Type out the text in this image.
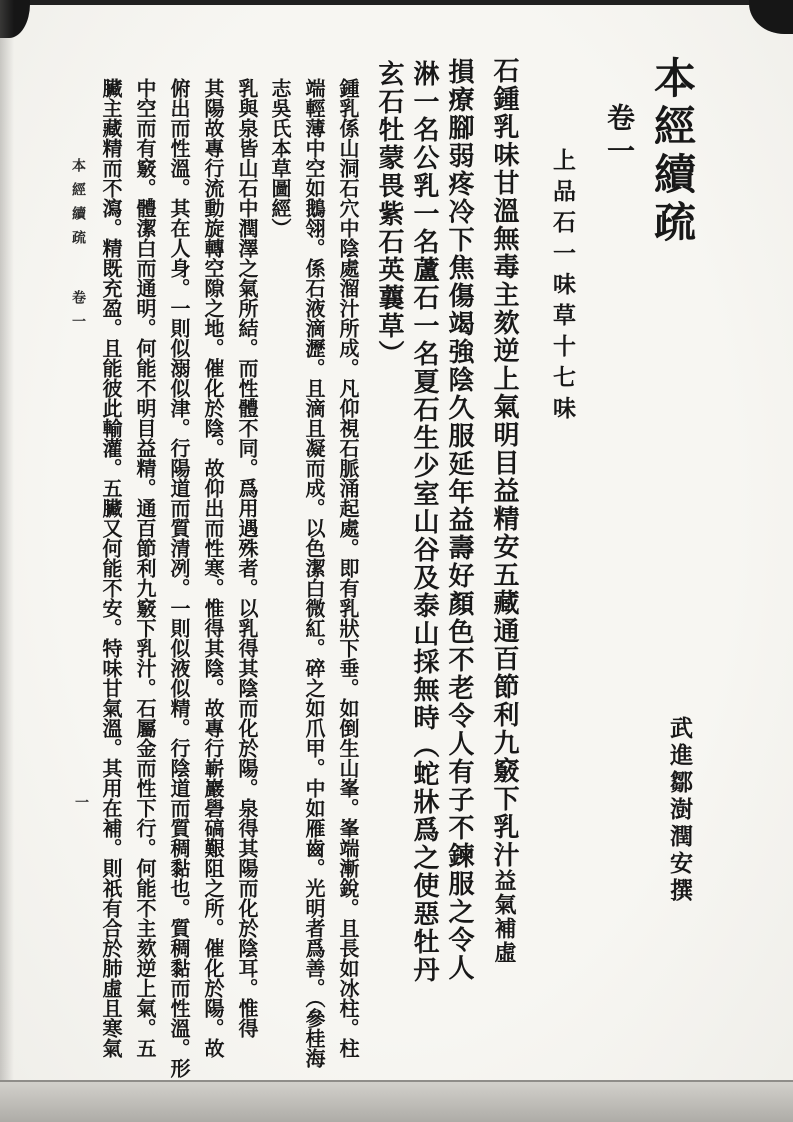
本經續疏
卷一
上品石一味草十七味
武進鄒澍潤安撰
石鍾乳味甘溫無毒主欬逆上氣明目益精安五藏通百節利九竅下乳汁益氣補虛
損療腳弱疼冷下焦傷竭強陰久服延年益壽好顏色不老令人有子不鍊服之令人
淋一名公乳一名蘆石一名夏石生少室山谷及泰山採無時（蛇牀爲之使惡牡丹
玄石牡蒙畏紫石英蘘草）
鍾乳係山洞石穴中陰處溜汁所成。凡仰視石脈涌起處。即有乳狀下垂。如倒生山峯。峯端漸銳。且長如冰柱。柱
端輕薄中空如鵝翎。係石液滴瀝。且滴且凝而成。以色潔白微紅。碎之如爪甲。中如雁齒。光明者爲善。（參桂海
志吳氏本草圖經）
乳與泉皆山石中潤澤之氣所結。而性體不同。爲用遇殊者。以乳得其陰而化於陽。泉得其陽而化於陰耳。惟得
其陽故專行流動旋轉空隙之地。催化於陰。故仰出而性寒。惟得其陰。故專行嶄巖礐碻艱阻之所。催化於陽。故
俯出而性溫。其在人身。一則似溺似津。行陽道而質清冽。一則似液似精。行陰道而質稠黏也。質稠黏而性溫。形
中空而有竅。體潔白而通明。何能不明目益精。通百節利九竅下乳汁。石屬金而性下行。何能不主欬逆上氣。五
臟主藏精而不瀉。精既充盈。且能彼此輸灌。五臟又何能不安。特味甘氣溫。其用在補。則祇有合於肺虛且寒氣
本經續疏
卷一
一
